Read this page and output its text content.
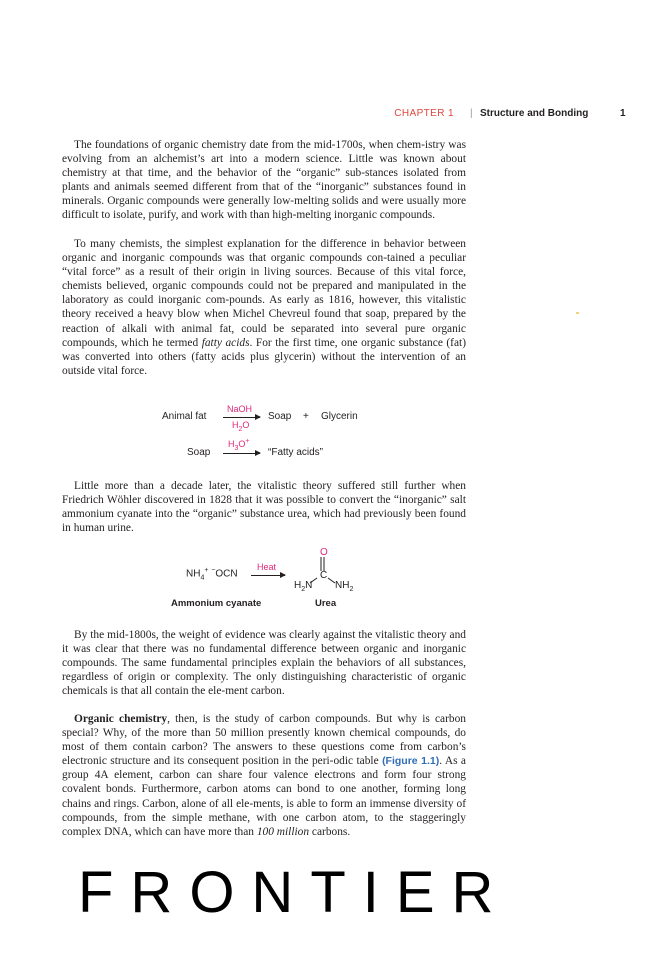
CHAPTER 1 | Structure and Bonding	1

The foundations of organic chemistry date from the mid-1700s, when chem-istry was evolving from an alchemist’s art into a modern science. Little was known about chemistry at that time, and the behavior of the “organic” sub-stances isolated from plants and animals seemed different from that of the “inorganic” substances found in minerals. Organic compounds were generally low-melting solids and were usually more difficult to isolate, purify, and work with than high-melting inorganic compounds.

To many chemists, the simplest explanation for the difference in behavior between organic and inorganic compounds was that organic compounds con-tained a peculiar “vital force” as a result of their origin in living sources. Because of this vital force, chemists believed, organic compounds could not be prepared and manipulated in the laboratory as could inorganic com-pounds. As early as 1816, however, this vitalistic theory received a heavy blow when Michel Chevreul found that soap, prepared by the reaction of alkali with animal fat, could be separated into several pure organic compounds, which he termed fatty acids. For the first time, one organic substance (fat) was converted into others (fatty acids plus glycerin) without the intervention of an outside vital force.

Animal fat
NaOH
$H_2O$
Soap + Glycerin
Soap
$H_3O^+$
→ “Fatty acids”

Little more than a decade later, the vitalistic theory suffered still further when Friedrich Wöhler discovered in 1828 that it was possible to convert the “inorganic” salt ammonium cyanate into the “organic” substance urea, which had previously been found in human urine.

$NH_4^+$ −OCN
Heat
O
C
$H_2N$ $NH_2$
Ammonium cyanate	Urea

By the mid-1800s, the weight of evidence was clearly against the vitalistic theory and it was clear that there was no fundamental difference between organic and inorganic compounds. The same fundamental principles explain the behaviors of all substances, regardless of origin or complexity. The only distinguishing characteristic of organic chemicals is that all contain the ele-ment carbon.

Organic chemistry, then, is the study of carbon compounds. But why is carbon special? Why, of the more than 50 million presently known chemical compounds, do most of them contain carbon? The answers to these questions come from carbon’s electronic structure and its consequent position in the peri-odic table (Figure 1.1). As a group 4A element, carbon can share four valence electrons and form four strong covalent bonds. Furthermore, carbon atoms can bond to one another, forming long chains and rings. Carbon, alone of all ele-ments, is able to form an immense diversity of compounds, from the simple methane, with one carbon atom, to the staggeringly complex DNA, which can have more than 100 million carbons.

FRONTIER
